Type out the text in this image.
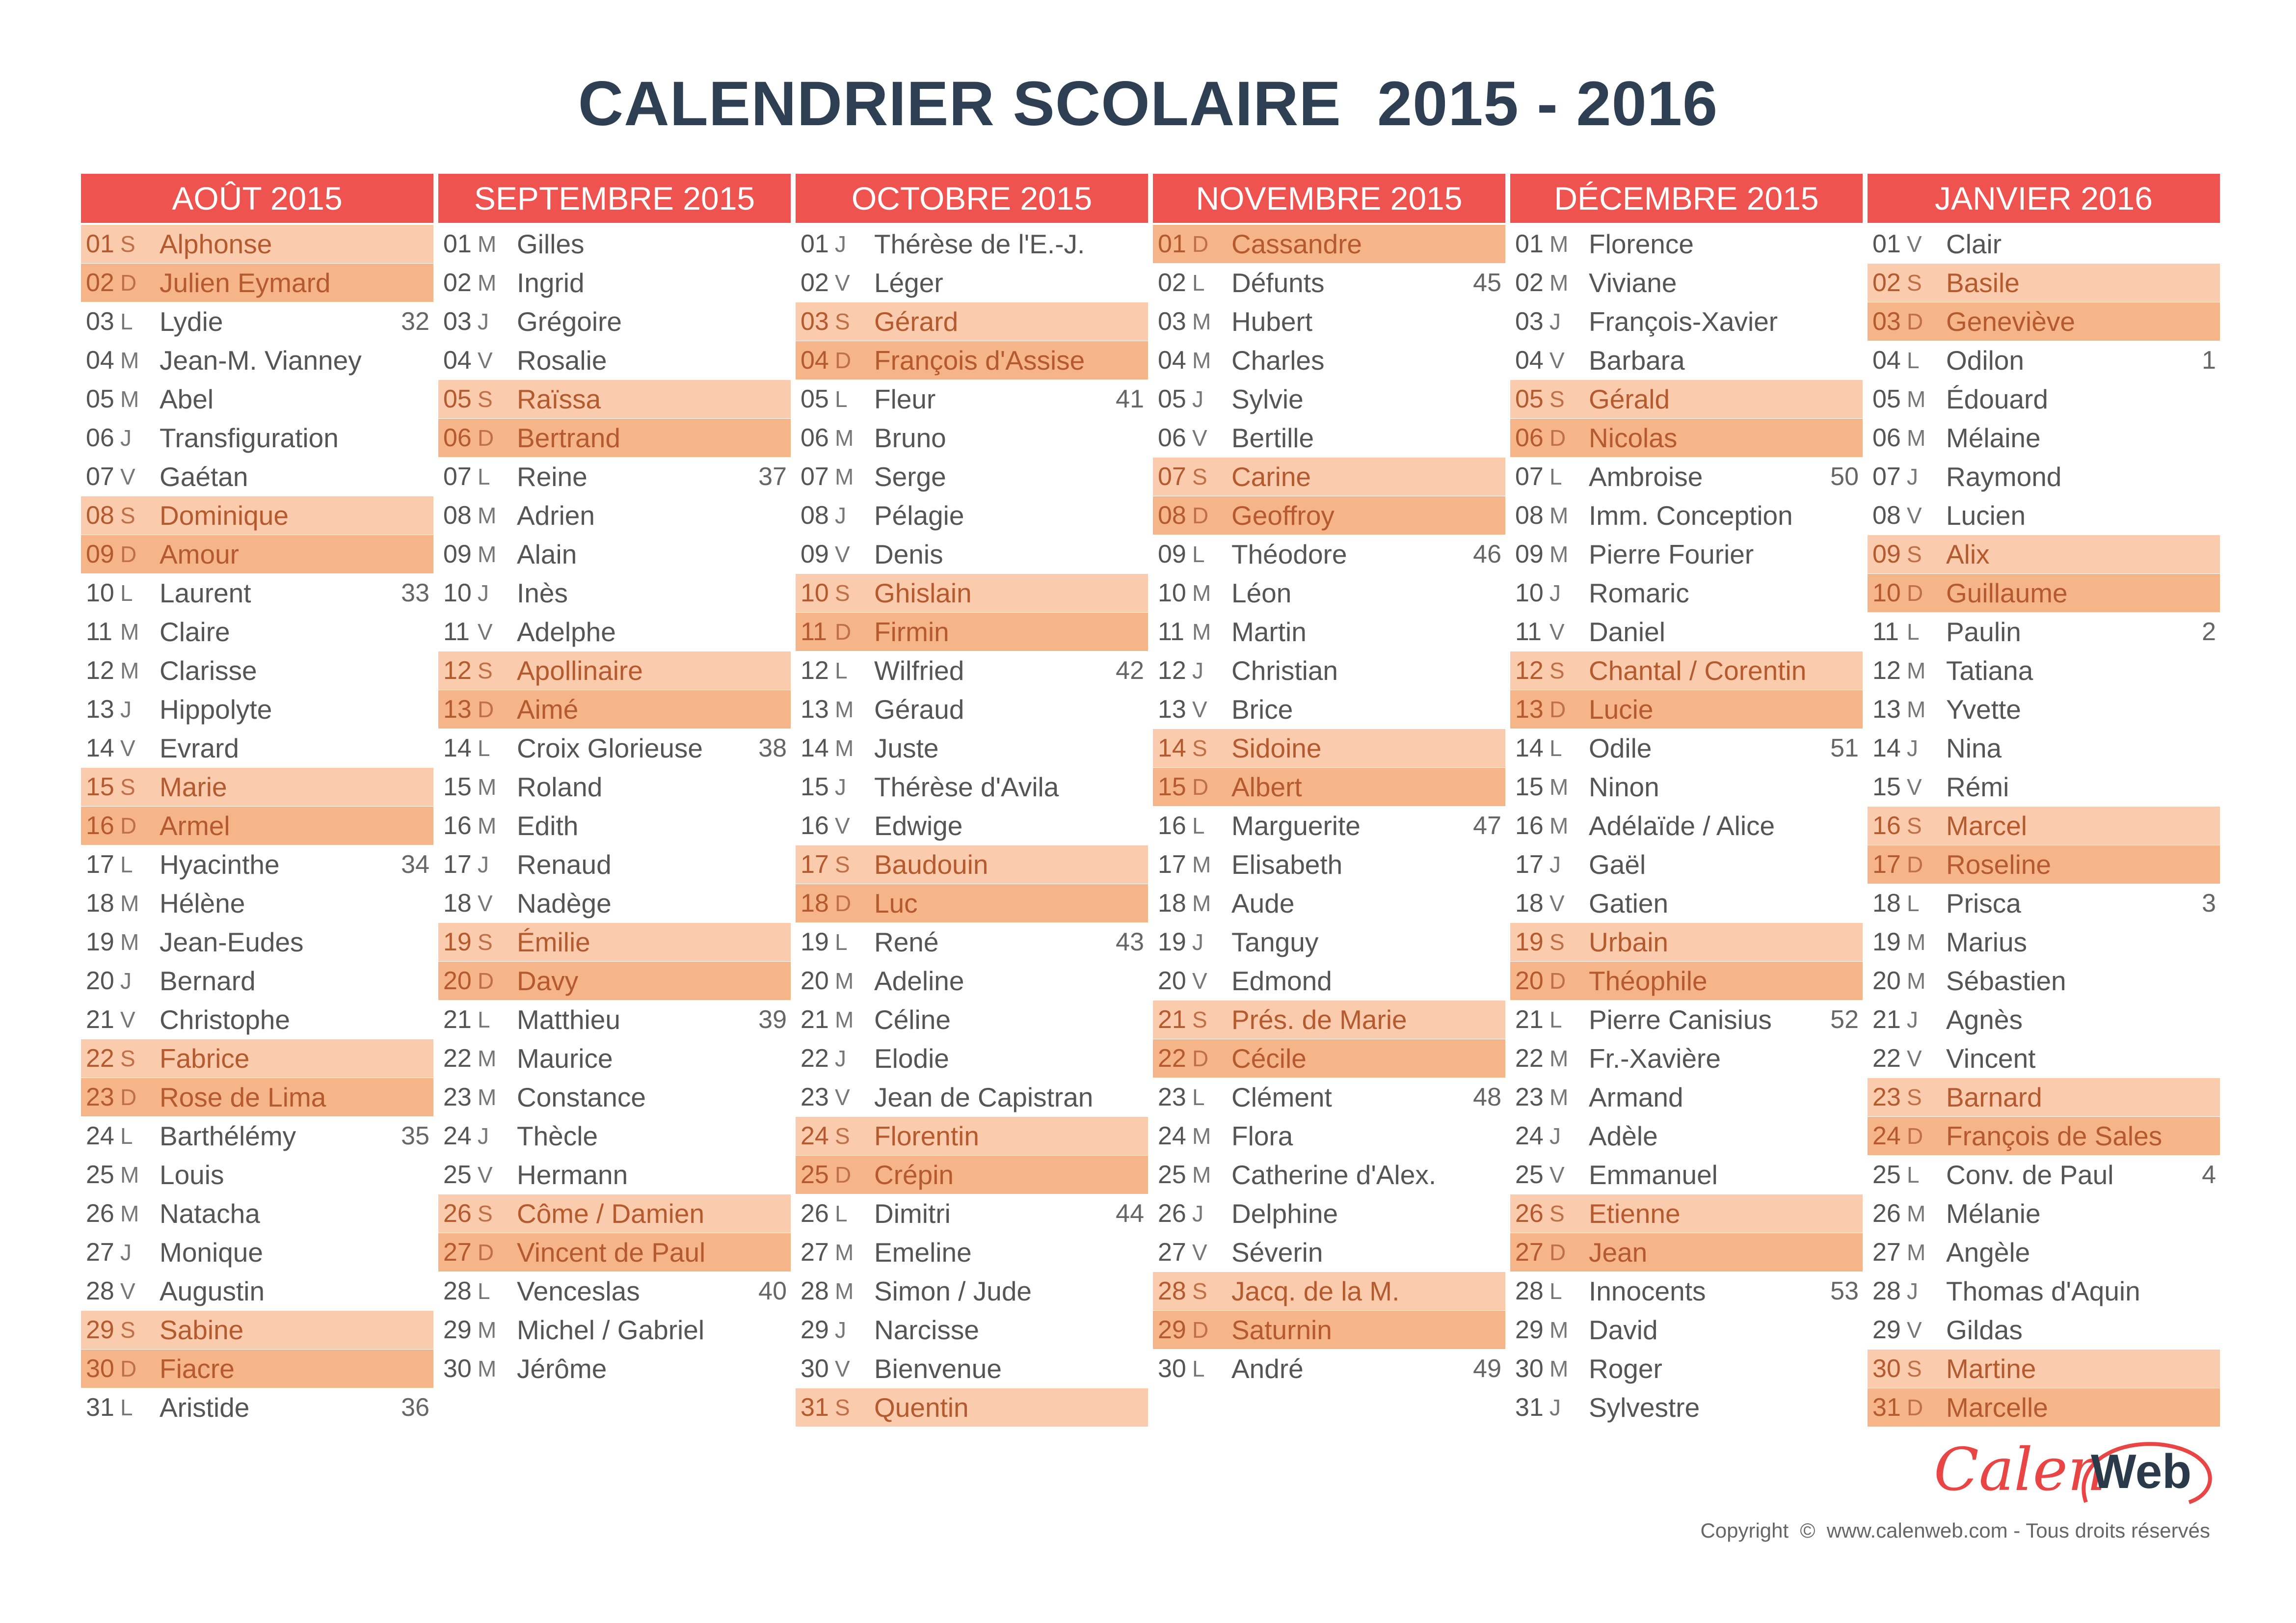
CALENDRIER SCOLAIRE  2015 - 2016
AOÛT 2015
01 S Alphonse
02 D Julien Eymard
03 L Lydie	32
04 M Jean-M. Vianney
05 M Abel
06 J Transfiguration
07 V Gaétan
08 S Dominique
09 D Amour
10 L Laurent	33
11 M Claire
12 M Clarisse
13 J Hippolyte
14 V Evrard
15 S Marie
16 D Armel
17 L Hyacinthe	34
18 M Hélène
19 M Jean-Eudes
20 J Bernard
21 V Christophe
22 S Fabrice
23 D Rose de Lima
24 L Barthélémy	35
25 M Louis
26 M Natacha
27 J Monique
28 V Augustin
29 S Sabine
30 D Fiacre
31 L Aristide	36
SEPTEMBRE 2015
01 M Gilles
02 M Ingrid
03 J Grégoire
04 V Rosalie
05 S Raïssa
06 D Bertrand
07 L Reine	37
08 M Adrien
09 M Alain
10 J Inès
11 V Adelphe
12 S Apollinaire
13 D Aimé
14 L Croix Glorieuse 38
15 M Roland
16 M Edith
17 J Renaud
18 V Nadège
19 S Émilie
20 D Davy
21 L Matthieu	39
22 M Maurice
23 M Constance
24 J Thècle
25 V Hermann
26 S Côme / Damien
27 D Vincent de Paul
28 L Venceslas	40
29 M Michel / Gabriel
30 M Jérôme
OCTOBRE 2015
01 J Thérèse de l'E.-J.
02 V Léger
03 S Gérard
04 D François d'Assise
05 L Fleur	41
06 M Bruno
07 M Serge
08 J Pélagie
09 V Denis
10 S Ghislain
11 D Firmin
12 L Wilfried	42
13 M Géraud
14 M Juste
15 J Thérèse d'Avila
16 V Edwige
17 S Baudouin
18 D Luc
19 L René	43
20 M Adeline
21 M Céline
22 J Elodie
23 V Jean de Capistran
24 S Florentin
25 D Crépin
26 L Dimitri	44
27 M Emeline
28 M Simon / Jude
29 J Narcisse
30 V Bienvenue
31 S Quentin
NOVEMBRE 2015
01 D Cassandre
02 L Défunts	45
03 M Hubert
04 M Charles
05 J Sylvie
06 V Bertille
07 S Carine
08 D Geoffroy
09 L Théodore	46
10 M Léon
11 M Martin
12 J Christian
13 V Brice
14 S Sidoine
15 D Albert
16 L Marguerite	47
17 M Elisabeth
18 M Aude
19 J Tanguy
20 V Edmond
21 S Prés. de Marie
22 D Cécile
23 L Clément	48
24 M Flora
25 M Catherine d'Alex.
26 J Delphine
27 V Séverin
28 S Jacq. de la M.
29 D Saturnin
30 L André	49
DÉCEMBRE 2015
01 M Florence
02 M Viviane
03 J François-Xavier
04 V Barbara
05 S Gérald
06 D Nicolas
07 L Ambroise	50
08 M Imm. Conception
09 M Pierre Fourier
10 J Romaric
11 V Daniel
12 S Chantal / Corentin
13 D Lucie
14 L Odile	51
15 M Ninon
16 M Adélaïde / Alice
17 J Gaël
18 V Gatien
19 S Urbain
20 D Théophile
21 L Pierre Canisius 52
22 M Fr.-Xavière
23 M Armand
24 J Adèle
25 V Emmanuel
26 S Etienne
27 D Jean
28 L Innocents	53
29 M David
30 M Roger
31 J Sylvestre
JANVIER 2016
01 V Clair
02 S Basile
03 D Geneviève
04 L Odilon	1
05 M Édouard
06 M Mélaine
07 J Raymond
08 V Lucien
09 S Alix
10 D Guillaume
11 L Paulin	2
12 M Tatiana
13 M Yvette
14 J Nina
15 V Rémi
16 S Marcel
17 D Roseline
18 L Prisca	3
19 M Marius
20 M Sébastien
21 J Agnès
22 V Vincent
23 S Barnard
24 D François de Sales
25 L Conv. de Paul	4
26 M Mélanie
27 M Angèle
28 J Thomas d'Aquin
29 V Gildas
30 S Martine
31 D Marcelle
Calen
Web
Copyright  ©  www.calenweb.com - Tous droits réservés
